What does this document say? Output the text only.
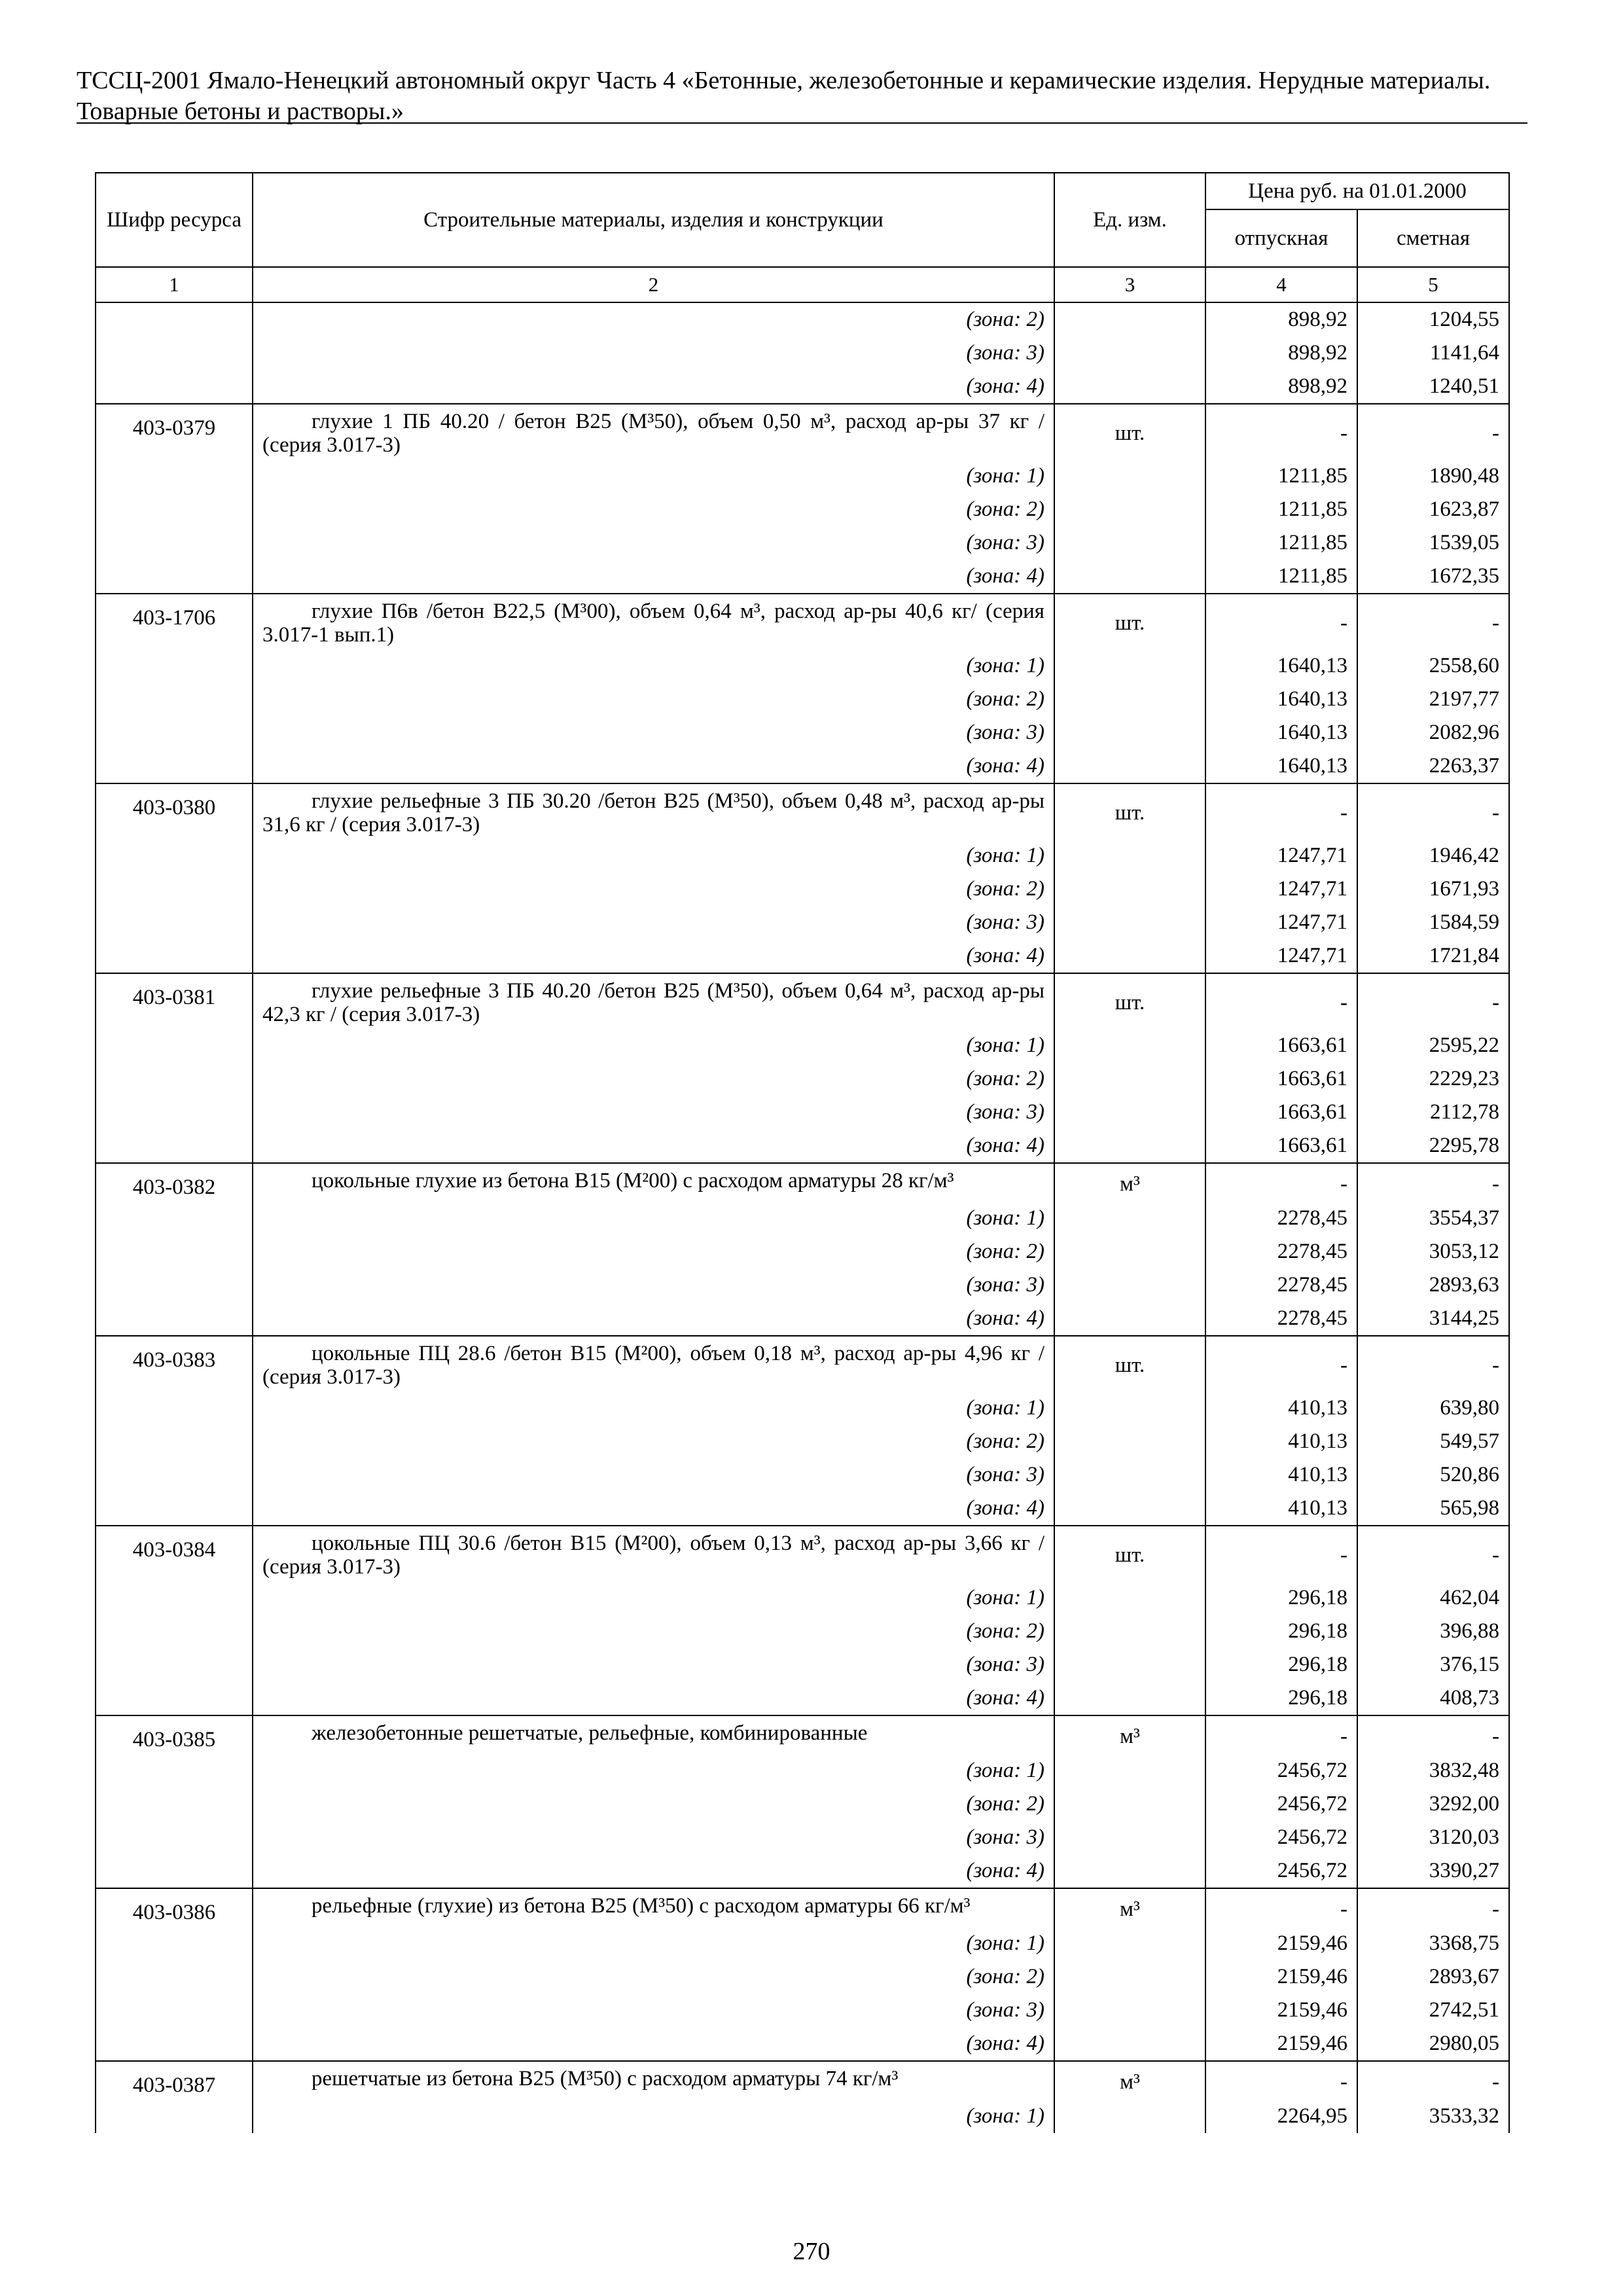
ТССЦ-2001 Ямало-Ненецкий автономный округ Часть 4 «Бетонные, железобетонные и керамические изделия. Нерудные материалы.
Товарные бетоны и растворы.»
Шифр ресурса	Строительные материалы, изделия и конструкции	Ед. изм.	Цена руб. на 01.01.2000	
			отпускная	сметная
1	2	3	4	5
	(зона: 2)		898,92	1204,55
	(зона: 3)		898,92	1141,64
	(зона: 4)		898,92	1240,51
403-0379	глухие 1 ПБ 40.20 / бетон В25 (М³50), объем 0,50 м³, расход ар-ры 37 кг / (серия 3.017-3)	шт.	-	-
	(зона: 1)		1211,85	1890,48
	(зона: 2)		1211,85	1623,87
	(зона: 3)		1211,85	1539,05
	(зона: 4)		1211,85	1672,35
403-1706	глухие П6в /бетон В22,5 (М³00), объем 0,64 м³, расход ар-ры 40,6 кг/ (серия 3.017-1 вып.1)	шт.	-	-
	(зона: 1)		1640,13	2558,60
	(зона: 2)		1640,13	2197,77
	(зона: 3)		1640,13	2082,96
	(зона: 4)		1640,13	2263,37
403-0380	глухие рельефные 3 ПБ 30.20 /бетон В25 (М³50), объем 0,48 м³, расход ар-ры 31,6 кг / (серия 3.017-3)	шт.	-	-
	(зона: 1)		1247,71	1946,42
	(зона: 2)		1247,71	1671,93
	(зона: 3)		1247,71	1584,59
	(зона: 4)		1247,71	1721,84
403-0381	глухие рельефные 3 ПБ 40.20 /бетон В25 (М³50), объем 0,64 м³, расход ар-ры 42,3 кг / (серия 3.017-3)	шт.	-	-
	(зона: 1)		1663,61	2595,22
	(зона: 2)		1663,61	2229,23
	(зона: 3)		1663,61	2112,78
	(зона: 4)		1663,61	2295,78
403-0382	цокольные глухие из бетона В15 (М²00) с расходом арматуры 28 кг/м³	м³	-	-
	(зона: 1)		2278,45	3554,37
	(зона: 2)		2278,45	3053,12
	(зона: 3)		2278,45	2893,63
	(зона: 4)		2278,45	3144,25
403-0383	цокольные ПЦ 28.6 /бетон В15 (М²00), объем 0,18 м³, расход ар-ры 4,96 кг / (серия 3.017-3)	шт.	-	-
	(зона: 1)		410,13	639,80
	(зона: 2)		410,13	549,57
	(зона: 3)		410,13	520,86
	(зона: 4)		410,13	565,98
403-0384	цокольные ПЦ 30.6 /бетон В15 (М²00), объем 0,13 м³, расход ар-ры 3,66 кг / (серия 3.017-3)	шт.	-	-
	(зона: 1)		296,18	462,04
	(зона: 2)		296,18	396,88
	(зона: 3)		296,18	376,15
	(зона: 4)		296,18	408,73
403-0385	железобетонные решетчатые, рельефные, комбинированные	м³	-	-
	(зона: 1)		2456,72	3832,48
	(зона: 2)		2456,72	3292,00
	(зона: 3)		2456,72	3120,03
	(зона: 4)		2456,72	3390,27
403-0386	рельефные (глухие) из бетона В25 (М³50) с расходом арматуры 66 кг/м³	м³	-	-
	(зона: 1)		2159,46	3368,75
	(зона: 2)		2159,46	2893,67
	(зона: 3)		2159,46	2742,51
	(зона: 4)		2159,46	2980,05
403-0387	решетчатые из бетона В25 (М³50) с расходом арматуры 74 кг/м³	м³	-	-
	(зона: 1)		2264,95	3533,32
270
